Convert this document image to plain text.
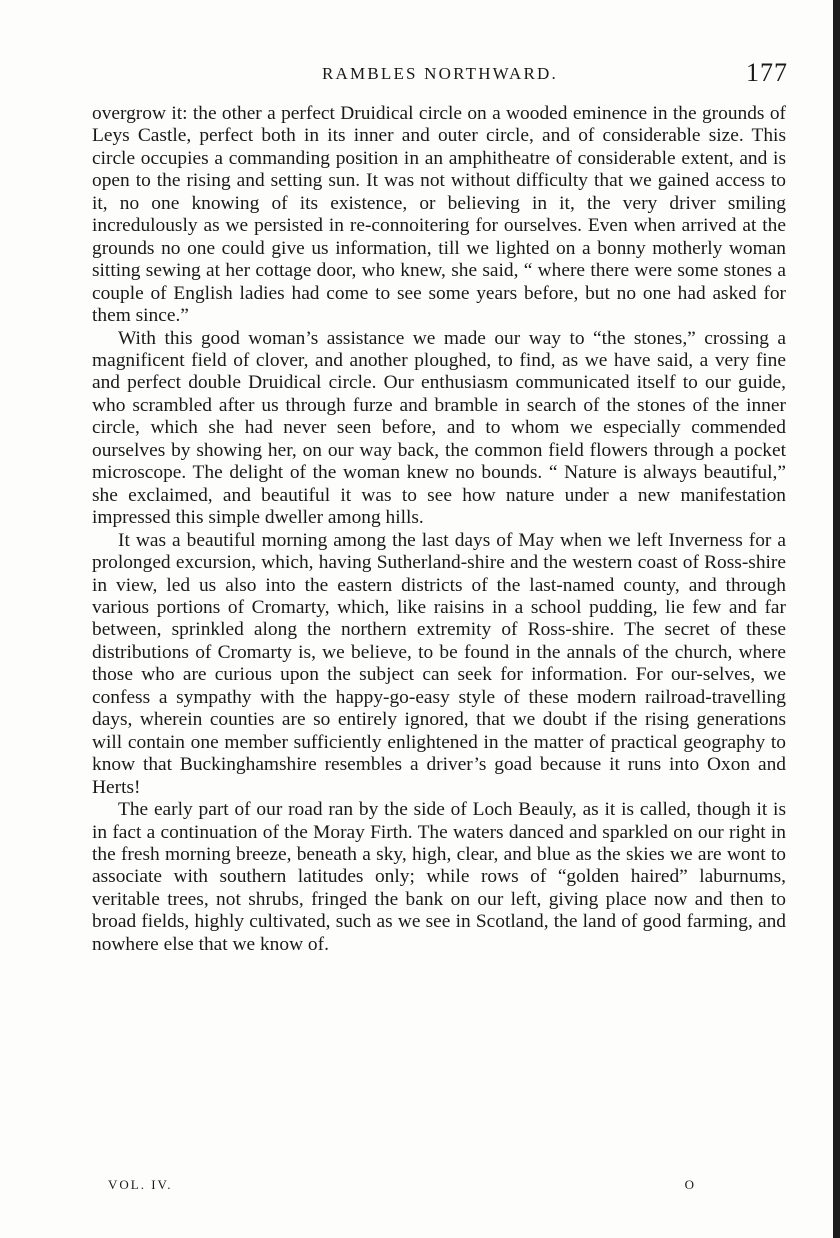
RAMBLES NORTHWARD.	177

overgrow it: the other a perfect Druidical circle on a wooded eminence in the grounds of Leys Castle, perfect both in its inner and outer circle, and of considerable size. This circle occupies a commanding position in an amphitheatre of considerable extent, and is open to the rising and setting sun. It was not without difficulty that we gained access to it, no one knowing of its existence, or believing in it, the very driver smiling incredulously as we persisted in re-connoitering for ourselves. Even when arrived at the grounds no one could give us information, till we lighted on a bonny motherly woman sitting sewing at her cottage door, who knew, she said, “ where there were some stones a couple of English ladies had come to see some years before, but no one had asked for them since.”

With this good woman’s assistance we made our way to “the stones,” crossing a magnificent field of clover, and another ploughed, to find, as we have said, a very fine and perfect double Druidical circle. Our enthusiasm communicated itself to our guide, who scrambled after us through furze and bramble in search of the stones of the inner circle, which she had never seen before, and to whom we especially commended ourselves by showing her, on our way back, the common field flowers through a pocket microscope. The delight of the woman knew no bounds. “ Nature is always beautiful,” she exclaimed, and beautiful it was to see how nature under a new manifestation impressed this simple dweller among hills.

It was a beautiful morning among the last days of May when we left Inverness for a prolonged excursion, which, having Sutherland-shire and the western coast of Ross-shire in view, led us also into the eastern districts of the last-named county, and through various portions of Cromarty, which, like raisins in a school pudding, lie few and far between, sprinkled along the northern extremity of Ross-shire. The secret of these distributions of Cromarty is, we believe, to be found in the annals of the church, where those who are curious upon the subject can seek for information. For our-selves, we confess a sympathy with the happy-go-easy style of these modern railroad-travelling days, wherein counties are so entirely ignored, that we doubt if the rising generations will contain one member sufficiently enlightened in the matter of practical geography to know that Buckinghamshire resembles a driver’s goad because it runs into Oxon and Herts!

The early part of our road ran by the side of Loch Beauly, as it is called, though it is in fact a continuation of the Moray Firth. The waters danced and sparkled on our right in the fresh morning breeze, beneath a sky, high, clear, and blue as the skies we are wont to associate with southern latitudes only; while rows of “golden haired” laburnums, veritable trees, not shrubs, fringed the bank on our left, giving place now and then to broad fields, highly cultivated, such as we see in Scotland, the land of good farming, and nowhere else that we know of.

VOL. IV.	O
